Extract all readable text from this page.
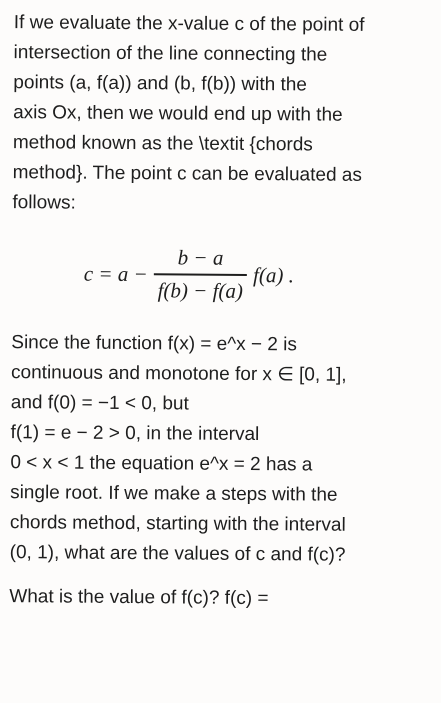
If we evaluate the x-value c of the point of
intersection of the line connecting the
points (a, f(a)) and (b, f(b)) with the
axis Ox, then we would end up with the
method known as the \textit {chords
method}. The point c can be evaluated as
follows:
$c = a - \frac{b - a}{f(b) - f(a)} f(a)$ .
Since the function f(x) = e^x − 2 is
continuous and monotone for x ∈ [0, 1],
and f(0) = −1 < 0, but
f(1) = e − 2 > 0, in the interval
0 < x < 1 the equation e^x = 2 has a
single root. If we make a steps with the
chords method, starting with the interval
(0, 1), what are the values of c and f(c)?
What is the value of f(c)? f(c) =
